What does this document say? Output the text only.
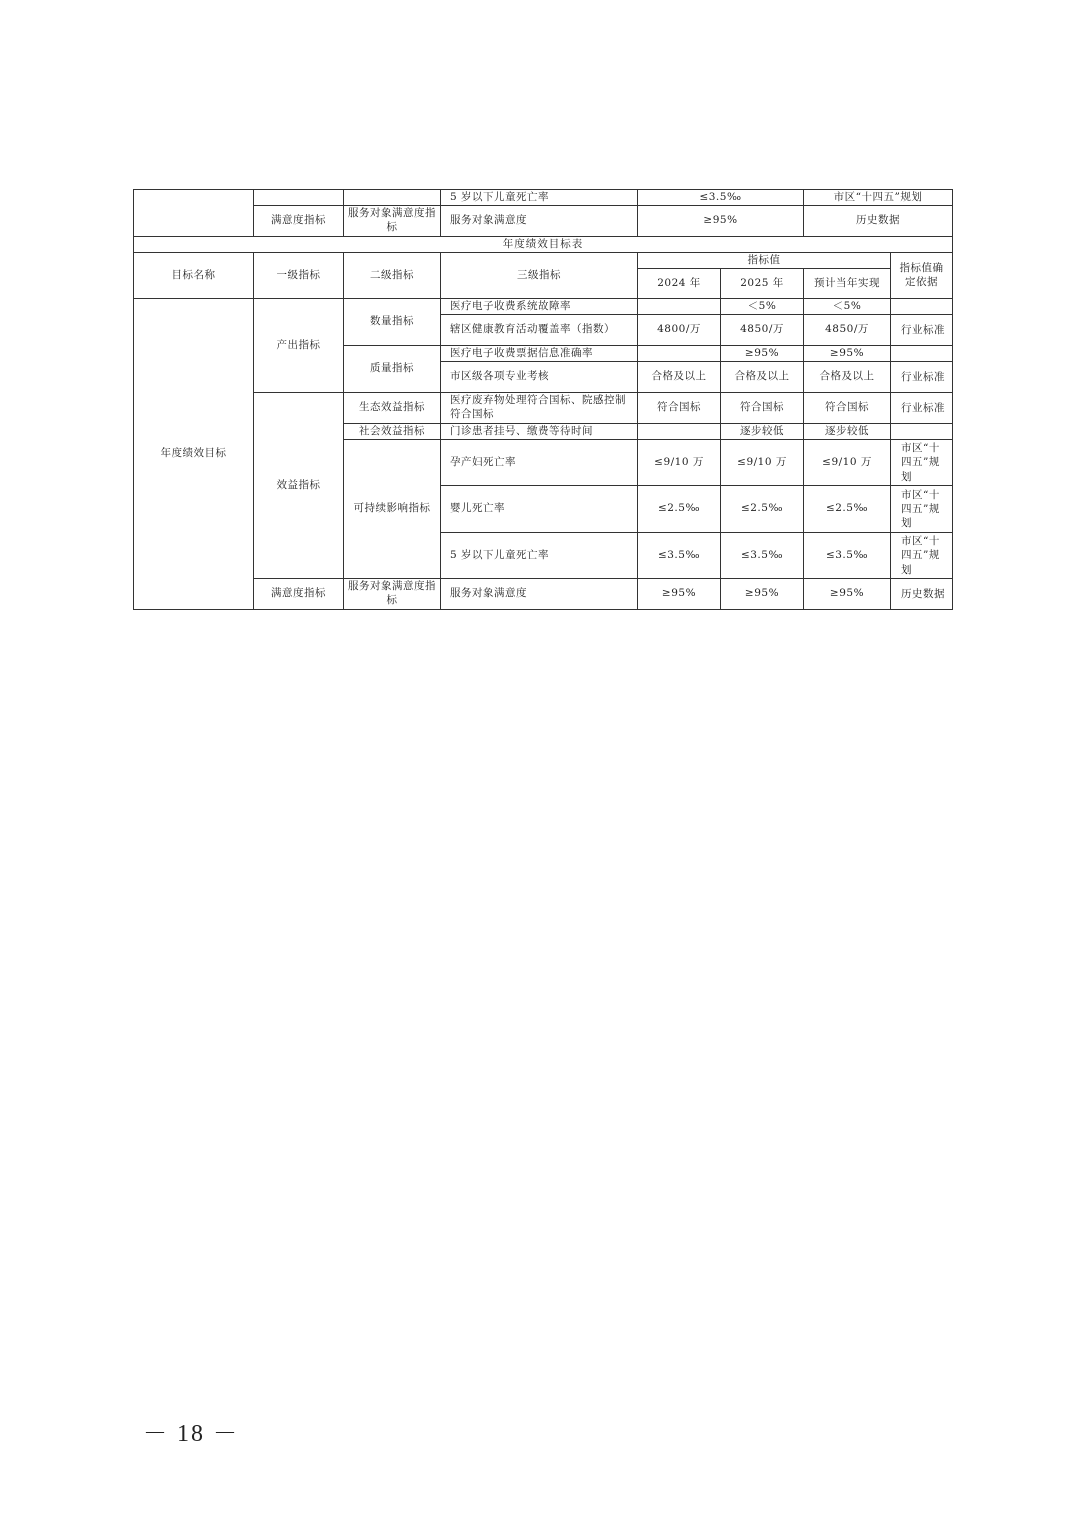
			5 岁以下儿童死亡率	≤3.5‰		市区“十四五”规划	
	满意度指标	服务对象满意度指标	服务对象满意度	≥95%		历史数据	
年度绩效目标表							
目标名称	一级指标	二级指标	三级指标	指标值			指标值确定依据
				2024 年	2025 年	预计当年实现	
年度绩效目标	产出指标	数量指标	医疗电子收费系统故障率		＜5%	＜5%	
			辖区健康教育活动覆盖率（指数）	4800/万	4850/万	4850/万	行业标准
		质量指标	医疗电子收费票据信息准确率		≥95%	≥95%	
			市区级各项专业考核	合格及以上	合格及以上	合格及以上	行业标准
	效益指标	生态效益指标	医疗废弃物处理符合国标、院感控制符合国标	符合国标	符合国标	符合国标	行业标准
		社会效益指标	门诊患者挂号、缴费等待时间		逐步较低	逐步较低	
		可持续影响指标	孕产妇死亡率	≤9/10 万	≤9/10 万	≤9/10 万	市区“十四五”规划
			婴儿死亡率	≤2.5‰	≤2.5‰	≤2.5‰	市区“十四五”规划
			5 岁以下儿童死亡率	≤3.5‰	≤3.5‰	≤3.5‰	市区“十四五”规划
	满意度指标	服务对象满意度指标	服务对象满意度	≥95%	≥95%	≥95%	历史数据
－ 18 －
